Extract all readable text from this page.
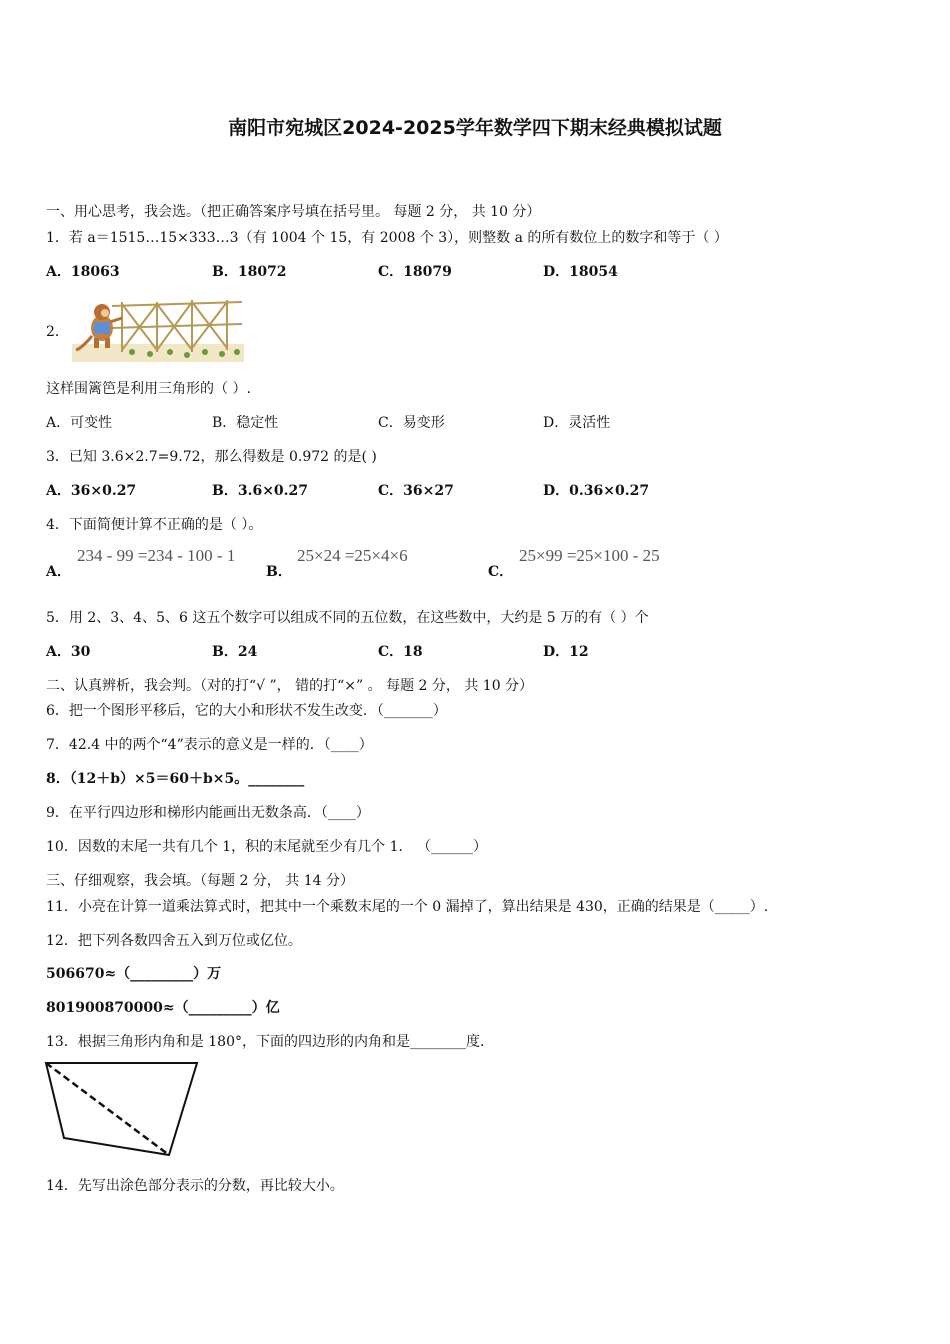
南阳市宛城区2024-2025学年数学四下期末经典模拟试题
一、用心思考，我会选。（把正确答案序号填在括号里。 每题 2 分， 共 10 分）
1．若 a＝1515…15×333…3（有 1004 个 15，有 2008 个 3），则整数 a 的所有数位上的数字和等于（ ）
A．18063	B．18072	C．18079	D．18054
2．
这样围篱笆是利用三角形的（ ）.
A．可变性	B．稳定性	C．易变形	D．灵活性
3．已知 3.6×2.7=9.72，那么得数是 0.972 的是( )
A．36×0.27	B．3.6×0.27	C．36×27	D．0.36×0.27
4．下面简便计算不正确的是（ ）。
A．
234 - 99 =234 - 100 - 1
B．
25×24 =25×4×6
C．
25×99 =25×100 - 25
5．用 2、3、4、5、6 这五个数字可以组成不同的五位数，在这些数中，大约是 5 万的有（ ）个
A．30	B．24	C．18	D．12
二、认真辨析，我会判。（对的打“√ ”， 错的打“×” 。 每题 2 分， 共 10 分）
6．把一个图形平移后，它的大小和形状不发生改变．（_______）
7．42.4 中的两个“4”表示的意义是一样的．（____）
8．（12＋b）×5＝60＋b×5。________
9．在平行四边形和梯形内能画出无数条高．（____）
10．因数的末尾一共有几个 1，积的末尾就至少有几个 1． （______）
三、仔细观察，我会填。（每题 2 分， 共 14 分）
11．小亮在计算一道乘法算式时，把其中一个乘数末尾的一个 0 漏掉了，算出结果是 430，正确的结果是（_____）.
12．把下列各数四舍五入到万位或亿位。
506670≈（_________）万
801900870000≈（_________）亿
13．根据三角形内角和是 180°，下面的四边形的内角和是________度.
14．先写出涂色部分表示的分数，再比较大小。
